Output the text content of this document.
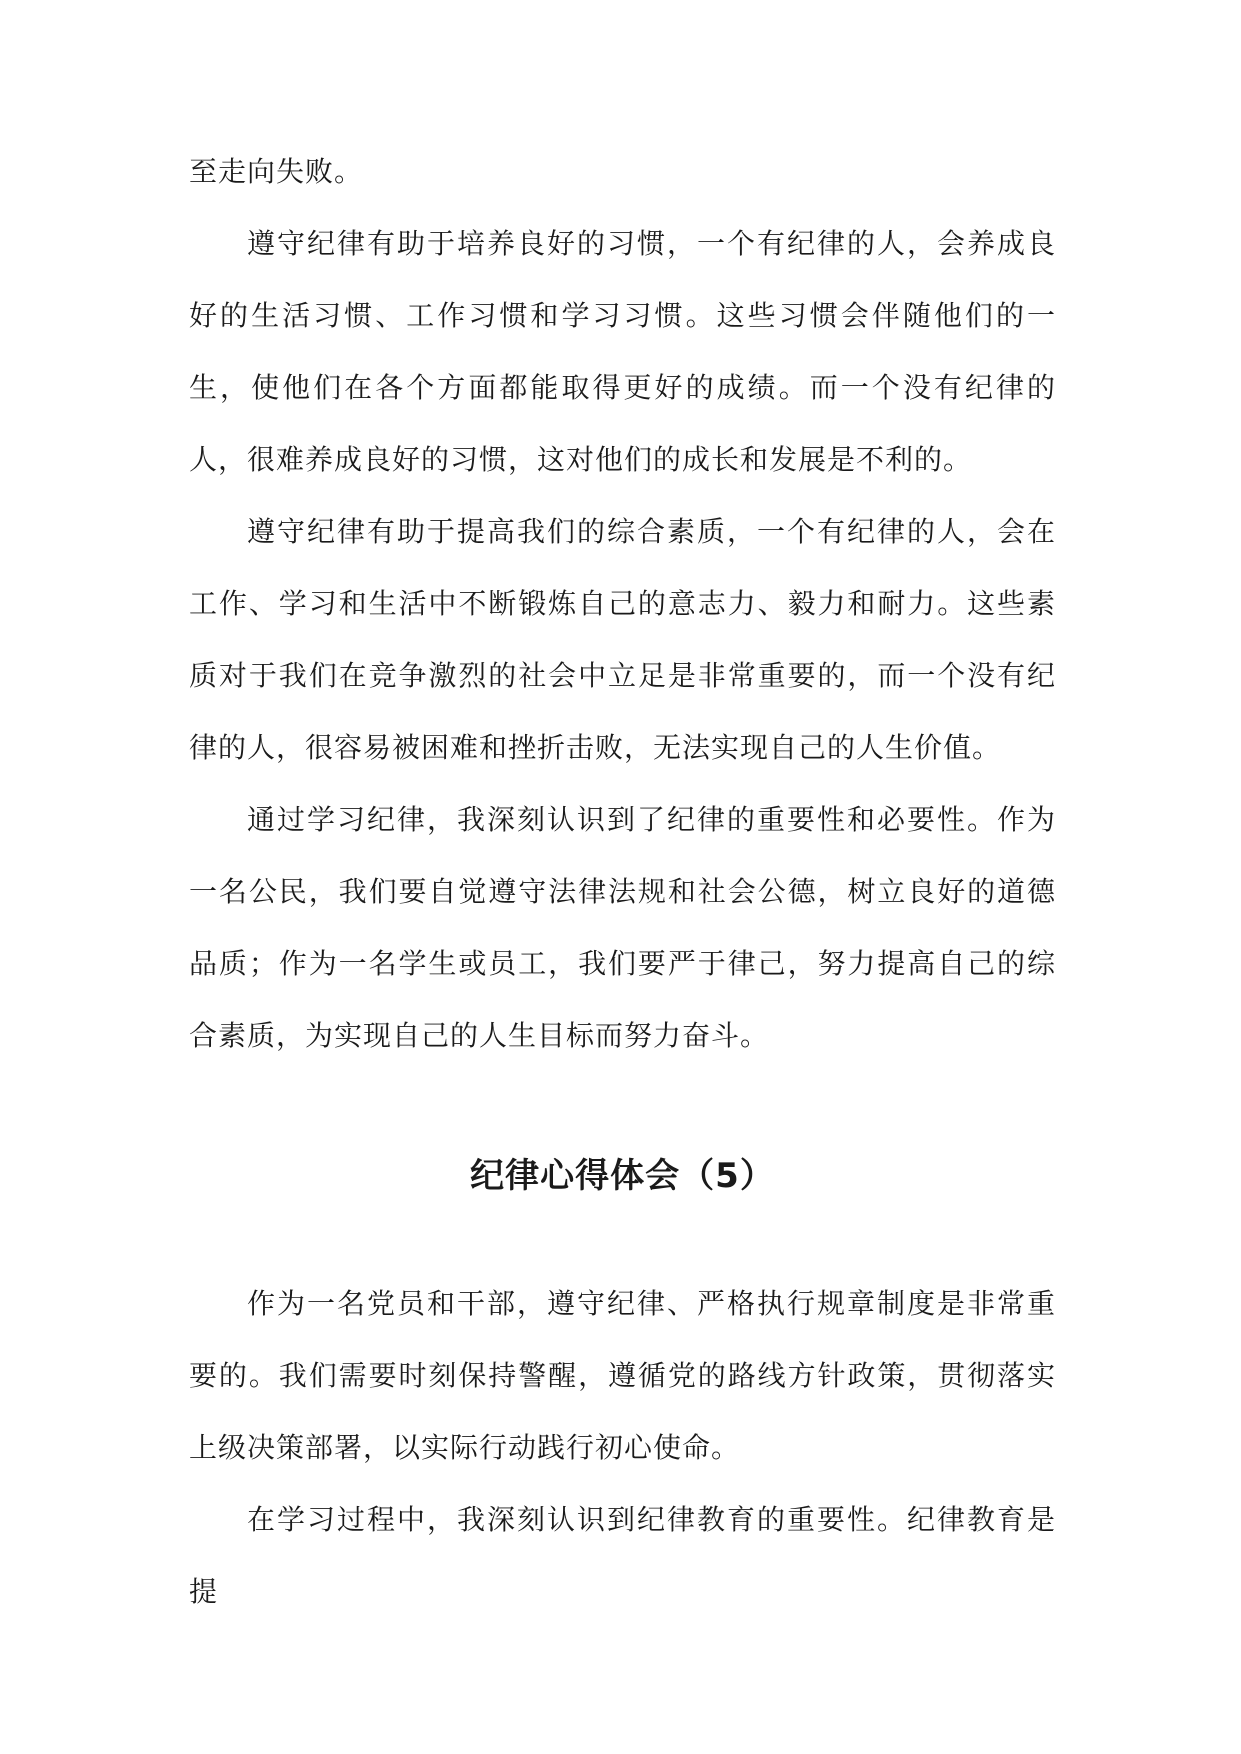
至走向失败。

遵守纪律有助于培养良好的习惯，一个有纪律的人，会养成良好的生活习惯、工作习惯和学习习惯。这些习惯会伴随他们的一生，使他们在各个方面都能取得更好的成绩。而一个没有纪律的人，很难养成良好的习惯，这对他们的成长和发展是不利的。

遵守纪律有助于提高我们的综合素质，一个有纪律的人，会在工作、学习和生活中不断锻炼自己的意志力、毅力和耐力。这些素质对于我们在竞争激烈的社会中立足是非常重要的，而一个没有纪律的人，很容易被困难和挫折击败，无法实现自己的人生价值。

通过学习纪律，我深刻认识到了纪律的重要性和必要性。作为一名公民，我们要自觉遵守法律法规和社会公德，树立良好的道德品质；作为一名学生或员工，我们要严于律己，努力提高自己的综合素质，为实现自己的人生目标而努力奋斗。

纪律心得体会（5）

作为一名党员和干部，遵守纪律、严格执行规章制度是非常重要的。我们需要时刻保持警醒，遵循党的路线方针政策，贯彻落实上级决策部署，以实际行动践行初心使命。

在学习过程中，我深刻认识到纪律教育的重要性。纪律教育是提
